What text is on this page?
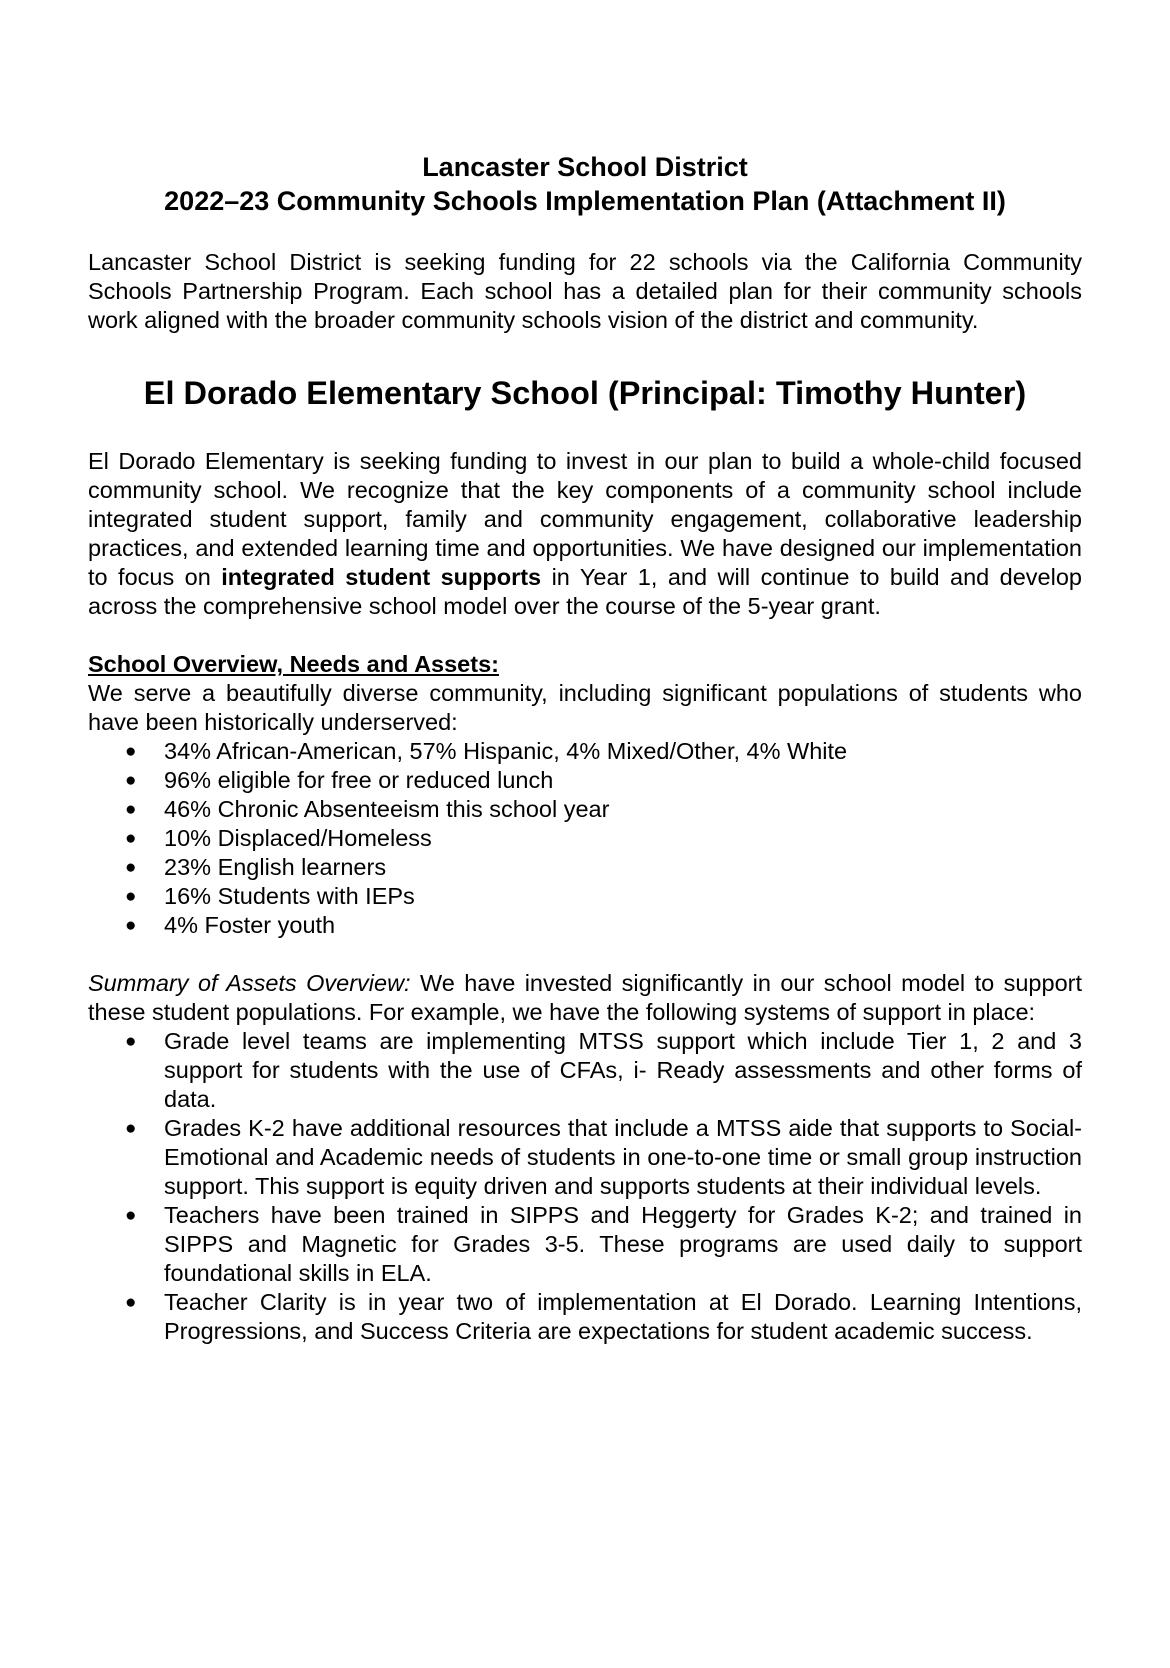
Lancaster School District

2022–23 Community Schools Implementation Plan (Attachment II)

Lancaster School District is seeking funding for 22 schools via the California Community Schools Partnership Program. Each school has a detailed plan for their community schools work aligned with the broader community schools vision of the district and community.

El Dorado Elementary School (Principal: Timothy Hunter)

El Dorado Elementary is seeking funding to invest in our plan to build a whole-child focused community school. We recognize that the key components of a community school include integrated student support, family and community engagement, collaborative leadership practices, and extended learning time and opportunities. We have designed our implementation to focus on integrated student supports in Year 1, and will continue to build and develop across the comprehensive school model over the course of the 5-year grant.

School Overview, Needs and Assets:

We serve a beautifully diverse community, including significant populations of students who have been historically underserved:

● 34% African-American, 57% Hispanic, 4% Mixed/Other, 4% White
● 96% eligible for free or reduced lunch
● 46% Chronic Absenteeism this school year
● 10% Displaced/Homeless
● 23% English learners
● 16% Students with IEPs
● 4% Foster youth

Summary of Assets Overview: We have invested significantly in our school model to support these student populations. For example, we have the following systems of support in place:

● Grade level teams are implementing MTSS support which include Tier 1, 2 and 3 support for students with the use of CFAs, i- Ready assessments and other forms of data.
● Grades K-2 have additional resources that include a MTSS aide that supports to Social-Emotional and Academic needs of students in one-to-one time or small group instruction support. This support is equity driven and supports students at their individual levels.
● Teachers have been trained in SIPPS and Heggerty for Grades K-2; and trained in SIPPS and Magnetic for Grades 3-5. These programs are used daily to support foundational skills in ELA.
● Teacher Clarity is in year two of implementation at El Dorado. Learning Intentions, Progressions, and Success Criteria are expectations for student academic success.
